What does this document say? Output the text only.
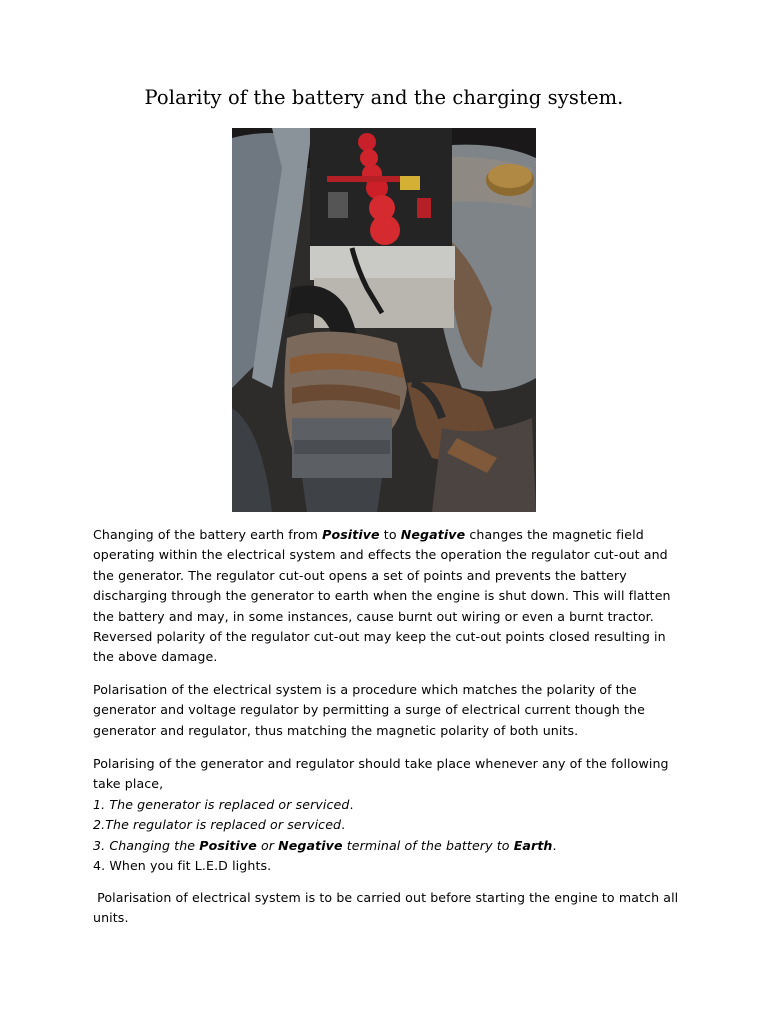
Polarity of the battery and the charging system.
Changing of the battery earth from Positive to Negative changes the magnetic field
operating within the electrical system and effects the operation the regulator cut-out and
the generator. The regulator cut-out opens a set of points and prevents the battery
discharging through the generator to earth when the engine is shut down. This will flatten
the battery and may, in some instances, cause burnt out wiring or even a burnt tractor.
Reversed polarity of the regulator cut-out may keep the cut-out points closed resulting in
the above damage.
Polarisation of the electrical system is a procedure which matches the polarity of the
generator and voltage regulator by permitting a surge of electrical current though the
generator and regulator, thus matching the magnetic polarity of both units.
Polarising of the generator and regulator should take place whenever any of the following
take place,
1. The generator is replaced or serviced.
2.The regulator is replaced or serviced.
3. Changing the Positive or Negative terminal of the battery to Earth.
4. When you fit L.E.D lights.
Polarisation of electrical system is to be carried out before starting the engine to match all
units.
